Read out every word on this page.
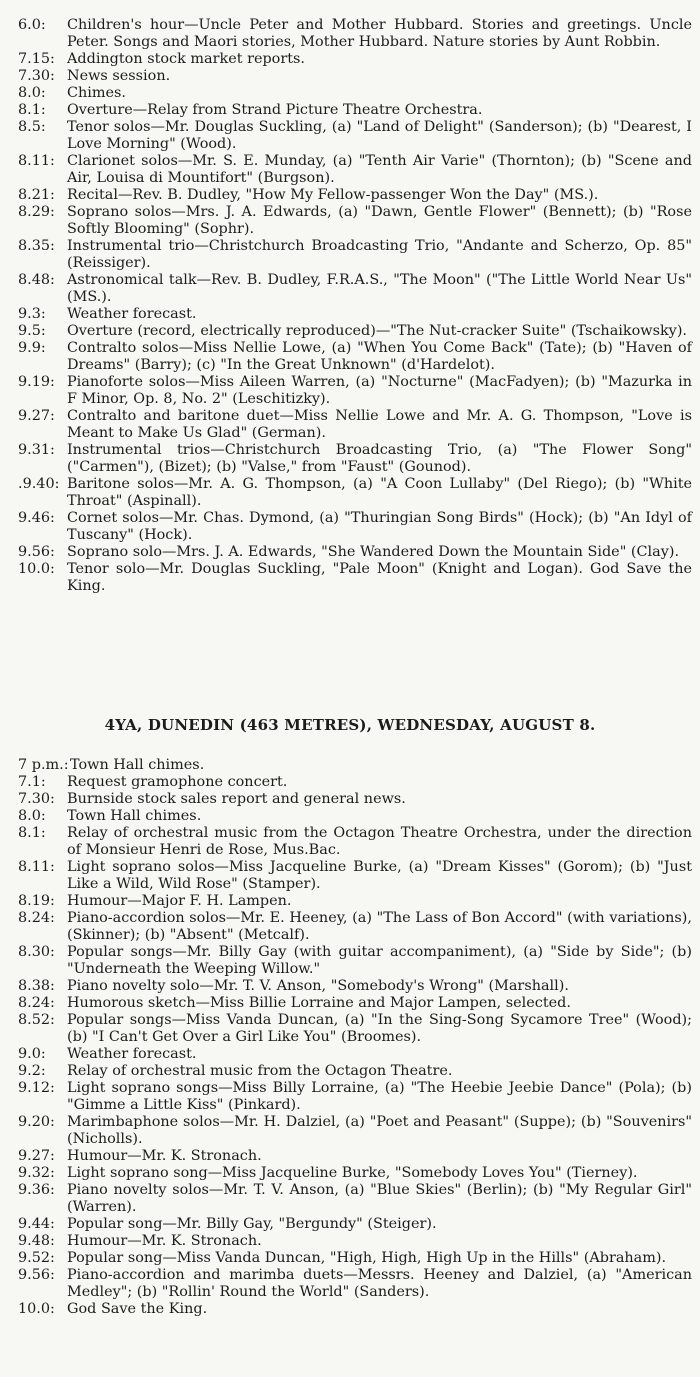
6.0:	Children's hour—Uncle Peter and Mother Hubbard. Stories and greetings. Uncle Peter. Songs and Maori stories, Mother Hubbard. Nature stories by Aunt Robbin.
7.15: Addington stock market reports.
7.30: News session.
8.0:	Chimes.
8.1:	Overture—Relay from Strand Picture Theatre Orchestra.
8.5:	Tenor solos—Mr. Douglas Suckling, (a) "Land of Delight" (Sanderson); (b) "Dearest, I Love Morning" (Wood).
8.11: Clarionet solos—Mr. S. E. Munday, (a) "Tenth Air Varie" (Thornton); (b) "Scene and Air, Louisa di Mountifort" (Burgson).
8.21: Recital—Rev. B. Dudley, "How My Fellow-passenger Won the Day" (MS.).
8.29: Soprano solos—Mrs. J. A. Edwards, (a) "Dawn, Gentle Flower" (Bennett); (b) "Rose Softly Blooming" (Sophr).
8.35: Instrumental trio—Christchurch Broadcasting Trio, "Andante and Scherzo, Op. 85" (Reissiger).
8.48: Astronomical talk—Rev. B. Dudley, F.R.A.S., "The Moon" ("The Little World Near Us" (MS.).
9.3:	Weather forecast.
9.5:	Overture (record, electrically reproduced)—"The Nut-cracker Suite" (Tschaikowsky).
9.9:	Contralto solos—Miss Nellie Lowe, (a) "When You Come Back" (Tate); (b) "Haven of Dreams" (Barry); (c) "In the Great Unknown" (d'Hardelot).
9.19: Pianoforte solos—Miss Aileen Warren, (a) "Nocturne" (MacFadyen); (b) "Mazurka in F Minor, Op. 8, No. 2" (Leschitizky).
9.27: Contralto and baritone duet—Miss Nellie Lowe and Mr. A. G. Thompson, "Love is Meant to Make Us Glad" (German).
9.31: Instrumental trios—Christchurch Broadcasting Trio, (a) "The Flower Song" ("Carmen"), (Bizet); (b) "Valse," from "Faust" (Gounod).
.9.40: Baritone solos—Mr. A. G. Thompson, (a) "A Coon Lullaby" (Del Riego); (b) "White Throat" (Aspinall).
9.46: Cornet solos—Mr. Chas. Dymond, (a) "Thuringian Song Birds" (Hock); (b) "An Idyl of Tuscany" (Hock).
9.56: Soprano solo—Mrs. J. A. Edwards, "She Wandered Down the Mountain Side" (Clay).
10.0: Tenor solo—Mr. Douglas Suckling, "Pale Moon" (Knight and Logan). God Save the King.
4YA, DUNEDIN (463 METRES), WEDNESDAY, AUGUST 8.
7 p.m.: Town Hall chimes.
7.1:	Request gramophone concert.
7.30: Burnside stock sales report and general news.
8.0:	Town Hall chimes.
8.1:	Relay of orchestral music from the Octagon Theatre Orchestra, under the direction of Monsieur Henri de Rose, Mus.Bac.
8.11: Light soprano solos—Miss Jacqueline Burke, (a) "Dream Kisses" (Gorom); (b) "Just Like a Wild, Wild Rose" (Stamper).
8.19: Humour—Major F. H. Lampen.
8.24: Piano-accordion solos—Mr. E. Heeney, (a) "The Lass of Bon Accord" (with variations), (Skinner); (b) "Absent" (Metcalf).
8.30: Popular songs—Mr. Billy Gay (with guitar accompaniment), (a) "Side by Side"; (b) "Underneath the Weeping Willow."
8.38: Piano novelty solo—Mr. T. V. Anson, "Somebody's Wrong" (Marshall).
8.24: Humorous sketch—Miss Billie Lorraine and Major Lampen, selected.
8.52: Popular songs—Miss Vanda Duncan, (a) "In the Sing-Song Sycamore Tree" (Wood); (b) "I Can't Get Over a Girl Like You" (Broomes).
9.0:	Weather forecast.
9.2:	Relay of orchestral music from the Octagon Theatre.
9.12: Light soprano songs—Miss Billy Lorraine, (a) "The Heebie Jeebie Dance" (Pola); (b) "Gimme a Little Kiss" (Pinkard).
9.20: Marimbaphone solos—Mr. H. Dalziel, (a) "Poet and Peasant" (Suppe); (b) "Souvenirs" (Nicholls).
9.27: Humour—Mr. K. Stronach.
9.32: Light soprano song—Miss Jacqueline Burke, "Somebody Loves You" (Tierney).
9.36: Piano novelty solos—Mr. T. V. Anson, (a) "Blue Skies" (Berlin); (b) "My Regular Girl" (Warren).
9.44: Popular song—Mr. Billy Gay, "Bergundy" (Steiger).
9.48: Humour—Mr. K. Stronach.
9.52: Popular song—Miss Vanda Duncan, "High, High, High Up in the Hills" (Abraham).
9.56: Piano-accordion and marimba duets—Messrs. Heeney and Dalziel, (a) "American Medley"; (b) "Rollin' Round the World" (Sanders).
10.0: God Save the King.
